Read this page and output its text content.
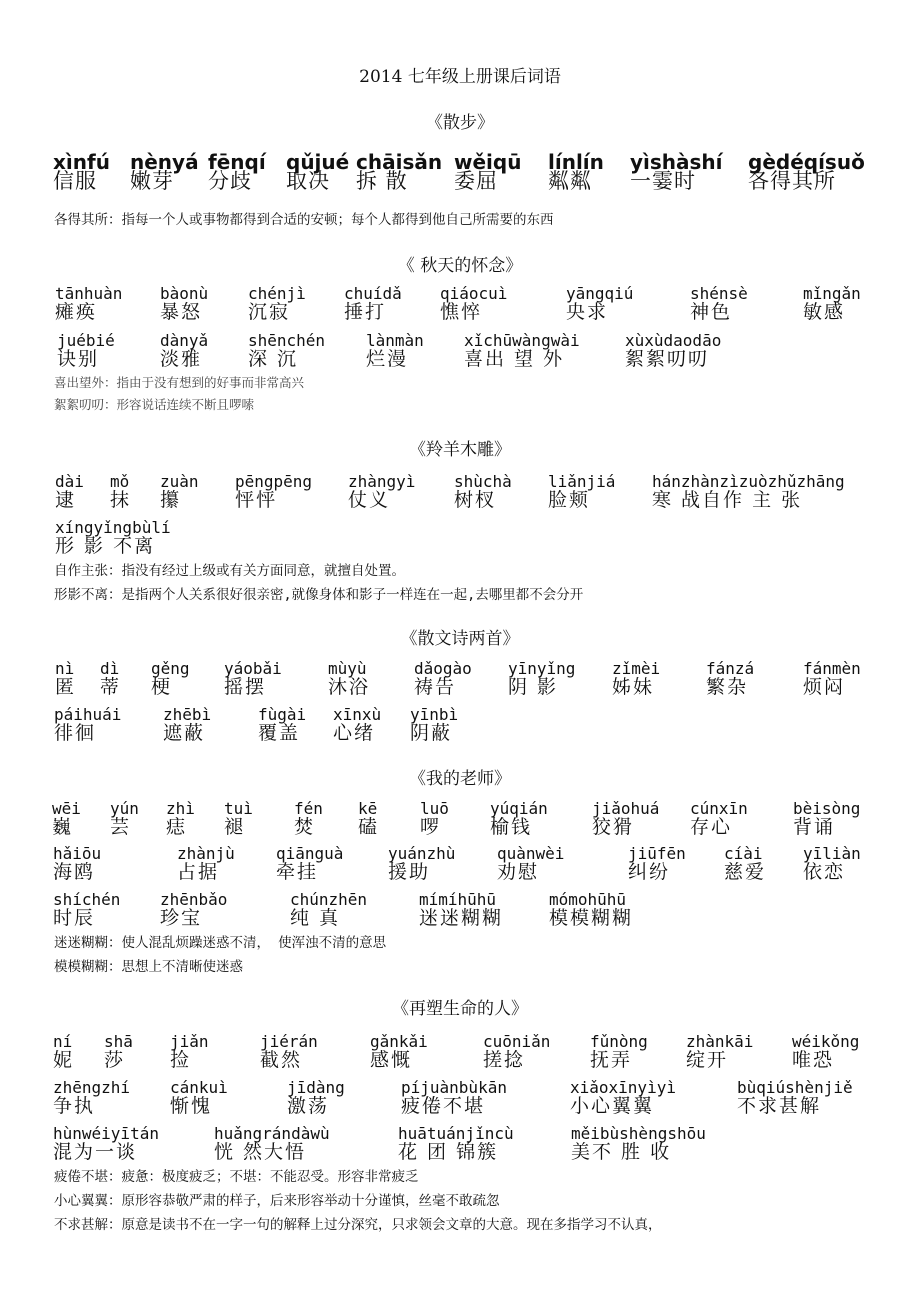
2014 七年级上册课后词语
《散步》
xìnfú
信服
nènyá
嫩芽
fēnqí
分歧
qǔjué
取决
chāisǎn
拆 散
wěiqū
委屈
línlín
粼粼
yìshàshí
一霎时
gèdéqísuǒ
各得其所
各得其所：指每一个人或事物都得到合适的安顿；每个人都得到他自己所需要的东西
《 秋天的怀念》
tānhuàn
瘫痪
bàonù
暴怒
chénjì
沉寂
chuídǎ
捶打
qiáocuì
憔悴
yāngqiú
央求
shénsè
神色
mǐngǎn
敏感
juébié
诀别
dànyǎ
淡雅
shēnchén
深 沉
lànmàn
烂漫
xǐchūwàngwài
喜出 望 外
xùxùdaodāo
絮絮叨叨
喜出望外：指由于没有想到的好事而非常高兴
絮絮叨叨：形容说话连续不断且啰嗦
《羚羊木雕》
dài
逮
mǒ
抹
zuàn
攥
pēngpēng
怦怦
zhàngyì
仗义
shùchà
树杈
liǎnjiá
脸颊
hánzhànzìzuòzhǔzhāng
寒 战自作 主 张
xíngyǐngbùlí
形 影 不离
自作主张：指没有经过上级或有关方面同意，就擅自处置。
形影不离：是指两个人关系很好很亲密,就像身体和影子一样连在一起,去哪里都不会分开
《散文诗两首》
nì
匿
dì
蒂
gěng
梗
yáobǎi
摇摆
mùyù
沐浴
dǎogào
祷告
yīnyǐng
阴 影
zǐmèi
姊妹
fánzá
繁杂
fánmèn
烦闷
páihuái
徘徊
zhēbì
遮蔽
fùgài
覆盖
xīnxù
心绪
yīnbì
阴蔽
《我的老师》
wēi
巍
yún
芸
zhì
痣
tuì
褪
fén
焚
kē
磕
luō
啰
yúqián
榆钱
jiǎohuá
狡猾
cúnxīn
存心
bèisòng
背诵
hǎiōu
海鸥
zhànjù
占据
qiānguà
牵挂
yuánzhù
援助
quànwèi
劝慰
jiūfēn
纠纷
cíài
慈爱
yīliàn
依恋
shíchén
时辰
zhēnbǎo
珍宝
chúnzhēn
纯 真
mímíhūhū
迷迷糊糊
mómohūhū
模模糊糊
迷迷糊糊：使人混乱烦躁迷惑不清， 使浑浊不清的意思
模模糊糊：思想上不清晰使迷惑
《再塑生命的人》
ní
妮
shā
莎
jiǎn
捡
jiérán
截然
gǎnkǎi
感慨
cuōniǎn
搓捻
fǔnòng
抚弄
zhànkāi
绽开
wéikǒng
唯恐
zhēngzhí
争执
cánkuì
惭愧
jīdàng
激荡
píjuànbùkān
疲倦不堪
xiǎoxīnyìyì
小心翼翼
bùqiúshènjiě
不求甚解
hùnwéiyītán
混为一谈
huǎngrándàwù
恍 然大悟
huātuánjǐncù
花 团 锦簇
měibùshèngshōu
美不 胜 收
疲倦不堪：疲惫：极度疲乏；不堪：不能忍受。形容非常疲乏
小心翼翼：原形容恭敬严肃的样子，后来形容举动十分谨慎，丝毫不敢疏忽
不求甚解：原意是读书不在一字一句的解释上过分深究，只求领会文章的大意。现在多指学习不认真，
